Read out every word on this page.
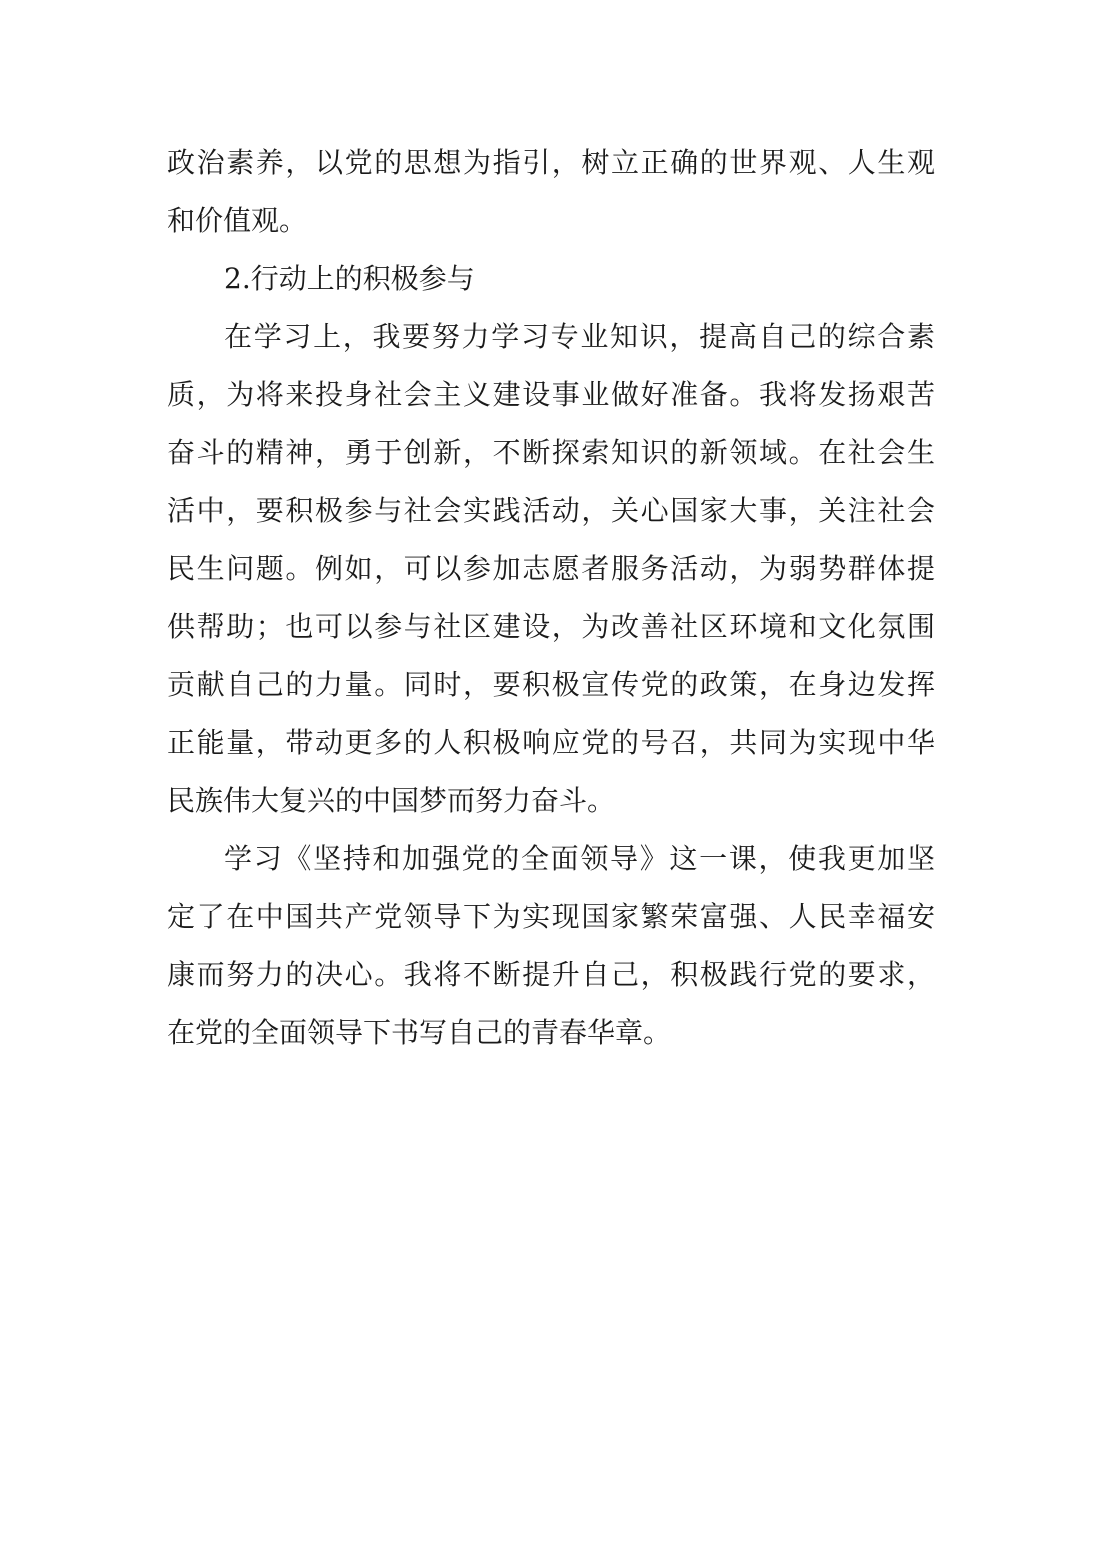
政治素养，以党的思想为指引，树立正确的世界观、人生观
和价值观。
2.行动上的积极参与
在学习上，我要努力学习专业知识，提高自己的综合素
质，为将来投身社会主义建设事业做好准备。我将发扬艰苦
奋斗的精神，勇于创新，不断探索知识的新领域。在社会生
活中，要积极参与社会实践活动，关心国家大事，关注社会
民生问题。例如，可以参加志愿者服务活动，为弱势群体提
供帮助；也可以参与社区建设，为改善社区环境和文化氛围
贡献自己的力量。同时，要积极宣传党的政策，在身边发挥
正能量，带动更多的人积极响应党的号召，共同为实现中华
民族伟大复兴的中国梦而努力奋斗。
学习《坚持和加强党的全面领导》这一课，使我更加坚
定了在中国共产党领导下为实现国家繁荣富强、人民幸福安
康而努力的决心。我将不断提升自己，积极践行党的要求，
在党的全面领导下书写自己的青春华章。
